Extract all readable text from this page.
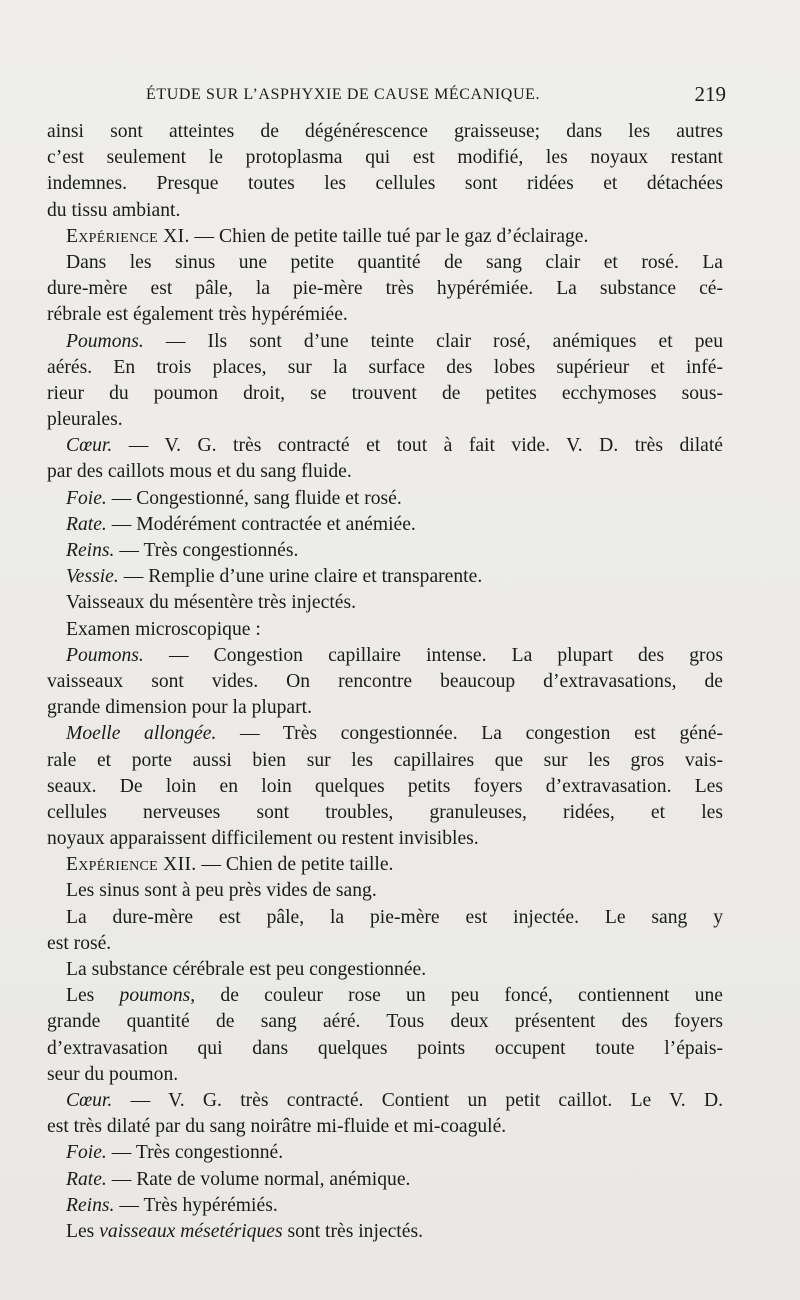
ÉTUDE SUR L’ASPHYXIE DE CAUSE MÉCANIQUE.	219
ainsi sont atteintes de dégénérescence graisseuse; dans les autres
c’est seulement le protoplasma qui est modifié, les noyaux restant
indemnes. Presque toutes les cellules sont ridées et détachées
du tissu ambiant.
Expérience XI. — Chien de petite taille tué par le gaz d’éclairage.
Dans les sinus une petite quantité de sang clair et rosé. La
dure-mère est pâle, la pie-mère très hypérémiée. La substance cé-
rébrale est également très hypérémiée.
Poumons. — Ils sont d’une teinte clair rosé, anémiques et peu
aérés. En trois places, sur la surface des lobes supérieur et infé-
rieur du poumon droit, se trouvent de petites ecchymoses sous-
pleurales.
Cœur. — V. G. très contracté et tout à fait vide. V. D. très dilaté
par des caillots mous et du sang fluide.
Foie. — Congestionné, sang fluide et rosé.
Rate. — Modérément contractée et anémiée.
Reins. — Très congestionnés.
Vessie. — Remplie d’une urine claire et transparente.
Vaisseaux du mésentère très injectés.
Examen microscopique :
Poumons. — Congestion capillaire intense. La plupart des gros
vaisseaux sont vides. On rencontre beaucoup d’extravasations, de
grande dimension pour la plupart.
Moelle allongée. — Très congestionnée. La congestion est géné-
rale et porte aussi bien sur les capillaires que sur les gros vais-
seaux. De loin en loin quelques petits foyers d’extravasation. Les
cellules nerveuses sont troubles, granuleuses, ridées, et les
noyaux apparaissent difficilement ou restent invisibles.
Expérience XII. — Chien de petite taille.
Les sinus sont à peu près vides de sang.
La dure-mère est pâle, la pie-mère est injectée. Le sang y
est rosé.
La substance cérébrale est peu congestionnée.
Les poumons, de couleur rose un peu foncé, contiennent une
grande quantité de sang aéré. Tous deux présentent des foyers
d’extravasation qui dans quelques points occupent toute l’épais-
seur du poumon.
Cœur. — V. G. très contracté. Contient un petit caillot. Le V. D.
est très dilaté par du sang noirâtre mi-fluide et mi-coagulé.
Foie. — Très congestionné.
Rate. — Rate de volume normal, anémique.
Reins. — Très hypérémiés.
Les vaisseaux mésetériques sont très injectés.
